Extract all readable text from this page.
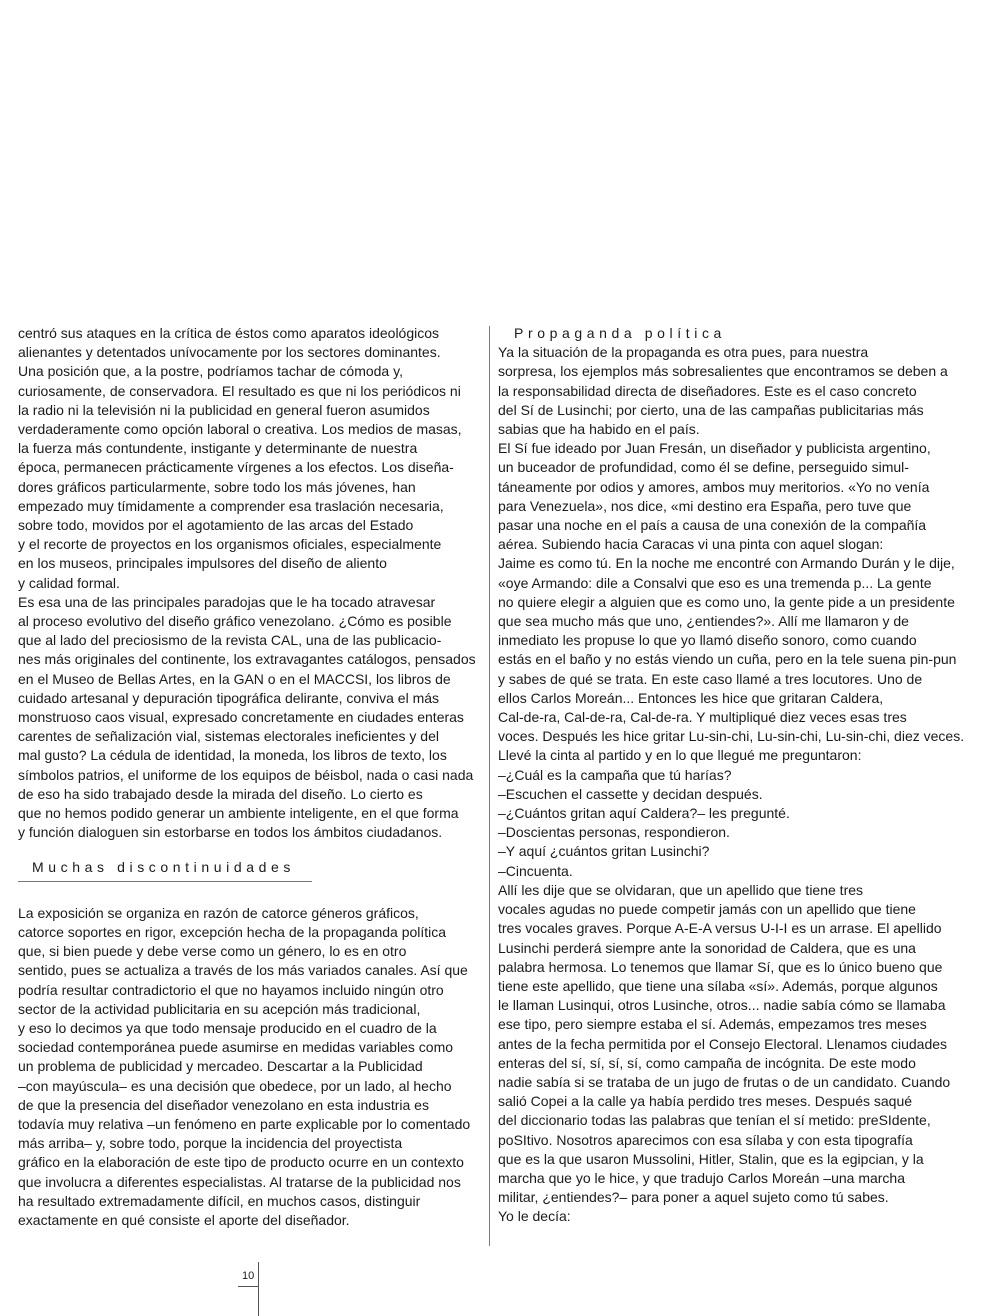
centró sus ataques en la crítica de éstos como aparatos ideológicos
alienantes y detentados unívocamente por los sectores dominantes.
Una posición que, a la postre, podríamos tachar de cómoda y,
curiosamente, de conservadora. El resultado es que ni los periódicos ni
la radio ni la televisión ni la publicidad en general fueron asumidos
verdaderamente como opción laboral o creativa. Los medios de masas,
la fuerza más contundente, instigante y determinante de nuestra
época, permanecen prácticamente vírgenes a los efectos. Los diseña-
dores gráficos particularmente, sobre todo los más jóvenes, han
empezado muy tímidamente a comprender esa traslación necesaria,
sobre todo, movidos por el agotamiento de las arcas del Estado
y el recorte de proyectos en los organismos oficiales, especialmente
en los museos, principales impulsores del diseño de aliento
y calidad formal.
Es esa una de las principales paradojas que le ha tocado atravesar
al proceso evolutivo del diseño gráfico venezolano. ¿Cómo es posible
que al lado del preciosismo de la revista CAL, una de las publicacio-
nes más originales del continente, los extravagantes catálogos, pensados
en el Museo de Bellas Artes, en la GAN o en el MACCSI, los libros de
cuidado artesanal y depuración tipográfica delirante, conviva el más
monstruoso caos visual, expresado concretamente en ciudades enteras
carentes de señalización vial, sistemas electorales ineficientes y del
mal gusto? La cédula de identidad, la moneda, los libros de texto, los
símbolos patrios, el uniforme de los equipos de béisbol, nada o casi nada
de eso ha sido trabajado desde la mirada del diseño. Lo cierto es
que no hemos podido generar un ambiente inteligente, en el que forma
y función dialoguen sin estorbarse en todos los ámbitos ciudadanos.
Muchas discontinuidades
La exposición se organiza en razón de catorce géneros gráficos,
catorce soportes en rigor, excepción hecha de la propaganda política
que, si bien puede y debe verse como un género, lo es en otro
sentido, pues se actualiza a través de los más variados canales. Así que
podría resultar contradictorio el que no hayamos incluido ningún otro
sector de la actividad publicitaria en su acepción más tradicional,
y eso lo decimos ya que todo mensaje producido en el cuadro de la
sociedad contemporánea puede asumirse en medidas variables como
un problema de publicidad y mercadeo. Descartar a la Publicidad
–con mayúscula– es una decisión que obedece, por un lado, al hecho
de que la presencia del diseñador venezolano en esta industria es
todavía muy relativa –un fenómeno en parte explicable por lo comentado
más arriba– y, sobre todo, porque la incidencia del proyectista
gráfico en la elaboración de este tipo de producto ocurre en un contexto
que involucra a diferentes especialistas. Al tratarse de la publicidad nos
ha resultado extremadamente difícil, en muchos casos, distinguir
exactamente en qué consiste el aporte del diseñador.
Propaganda política
Ya la situación de la propaganda es otra pues, para nuestra
sorpresa, los ejemplos más sobresalientes que encontramos se deben a
la responsabilidad directa de diseñadores. Este es el caso concreto
del Sí de Lusinchi; por cierto, una de las campañas publicitarias más
sabias que ha habido en el país.
El Sí fue ideado por Juan Fresán, un diseñador y publicista argentino,
un buceador de profundidad, como él se define, perseguido simul-
táneamente por odios y amores, ambos muy meritorios. «Yo no venía
para Venezuela», nos dice, «mi destino era España, pero tuve que
pasar una noche en el país a causa de una conexión de la compañía
aérea. Subiendo hacia Caracas vi una pinta con aquel slogan:
Jaime es como tú. En la noche me encontré con Armando Durán y le dije,
«oye Armando: dile a Consalvi que eso es una tremenda p... La gente
no quiere elegir a alguien que es como uno, la gente pide a un presidente
que sea mucho más que uno, ¿entiendes?». Allí me llamaron y de
inmediato les propuse lo que yo llamó diseño sonoro, como cuando
estás en el baño y no estás viendo un cuña, pero en la tele suena pin-pun
y sabes de qué se trata. En este caso llamé a tres locutores. Uno de
ellos Carlos Moreán... Entonces les hice que gritaran Caldera,
Cal-de-ra, Cal-de-ra, Cal-de-ra. Y multipliqué diez veces esas tres
voces. Después les hice gritar Lu-sin-chi, Lu-sin-chi, Lu-sin-chi, diez veces.
Llevé la cinta al partido y en lo que llegué me preguntaron:
–¿Cuál es la campaña que tú harías?
–Escuchen el cassette y decidan después.
–¿Cuántos gritan aquí Caldera?– les pregunté.
–Doscientas personas, respondieron.
–Y aquí ¿cuántos gritan Lusinchi?
–Cincuenta.
Allí les dije que se olvidaran, que un apellido que tiene tres
vocales agudas no puede competir jamás con un apellido que tiene
tres vocales graves. Porque A-E-A versus U-I-I es un arrase. El apellido
Lusinchi perderá siempre ante la sonoridad de Caldera, que es una
palabra hermosa. Lo tenemos que llamar Sí, que es lo único bueno que
tiene este apellido, que tiene una sílaba «sí». Además, porque algunos
le llaman Lusinqui, otros Lusinche, otros... nadie sabía cómo se llamaba
ese tipo, pero siempre estaba el sí. Además, empezamos tres meses
antes de la fecha permitida por el Consejo Electoral. Llenamos ciudades
enteras del sí, sí, sí, sí, como campaña de incógnita. De este modo
nadie sabía si se trataba de un jugo de frutas o de un candidato. Cuando
salió Copei a la calle ya había perdido tres meses. Después saqué
del diccionario todas las palabras que tenían el sí metido: preSIdente,
poSItivo. Nosotros aparecimos con esa sílaba y con esta tipografía
que es la que usaron Mussolini, Hitler, Stalin, que es la egipcian, y la
marcha que yo le hice, y que tradujo Carlos Moreán –una marcha
militar, ¿entiendes?– para poner a aquel sujeto como tú sabes.
Yo le decía:
10
